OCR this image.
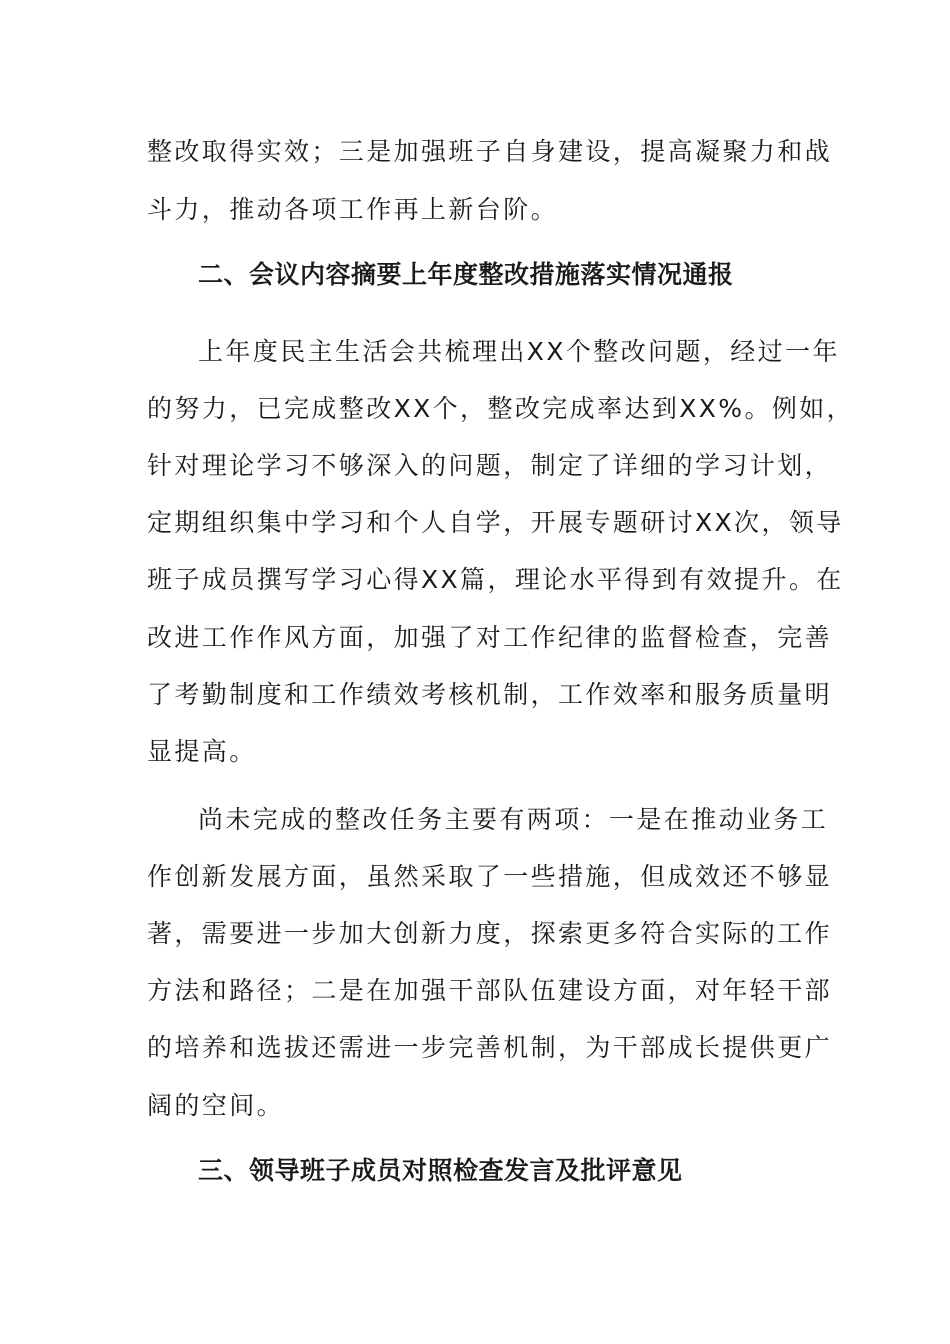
整改取得实效；三是加强班子自身建设，提高凝聚力和战
斗力，推动各项工作再上新台阶。
二、会议内容摘要上年度整改措施落实情况通报
上年度民主生活会共梳理出XX个整改问题，经过一年
的努力，已完成整改XX个，整改完成率达到XX%。例如，
针对理论学习不够深入的问题，制定了详细的学习计划，
定期组织集中学习和个人自学，开展专题研讨XX次，领导
班子成员撰写学习心得XX篇，理论水平得到有效提升。在
改进工作作风方面，加强了对工作纪律的监督检查，完善
了考勤制度和工作绩效考核机制，工作效率和服务质量明
显提高。
尚未完成的整改任务主要有两项：一是在推动业务工
作创新发展方面，虽然采取了一些措施，但成效还不够显
著，需要进一步加大创新力度，探索更多符合实际的工作
方法和路径；二是在加强干部队伍建设方面，对年轻干部
的培养和选拔还需进一步完善机制，为干部成长提供更广
阔的空间。
三、领导班子成员对照检查发言及批评意见
